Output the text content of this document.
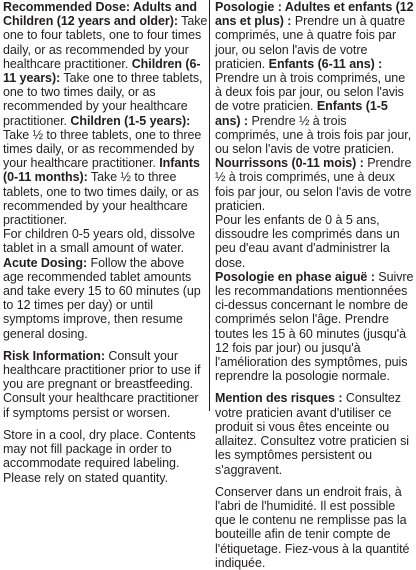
Recommended Dose: Adults and Children (12 years and older): Take one to four tablets, one to four times daily, or as recommended by your healthcare practitioner. Children (6-11 years): Take one to three tablets, one to two times daily, or as recommended by your healthcare practitioner. Children (1-5 years): Take ½ to three tablets, one to three times daily, or as recommended by your healthcare practitioner. Infants (0-11 months): Take ½ to three tablets, one to two times daily, or as recommended by your healthcare practitioner.

For children 0-5 years old, dissolve tablet in a small amount of water.

Acute Dosing: Follow the above age recommended tablet amounts and take every 15 to 60 minutes (up to 12 times per day) or until symptoms improve, then resume general dosing.

Risk Information: Consult your healthcare practitioner prior to use if you are pregnant or breastfeeding. Consult your healthcare practitioner if symptoms persist or worsen.

Store in a cool, dry place. Contents may not fill package in order to accommodate required labeling. Please rely on stated quantity.

Posologie : Adultes et enfants (12 ans et plus) : Prendre un à quatre comprimés, une à quatre fois par jour, ou selon l'avis de votre praticien. Enfants (6-11 ans) : Prendre un à trois comprimés, une à deux fois par jour, ou selon l'avis de votre praticien. Enfants (1-5 ans) : Prendre ½ à trois comprimés, une à trois fois par jour, ou selon l'avis de votre praticien. Nourrissons (0-11 mois) : Prendre ½ à trois comprimés, une à deux fois par jour, ou selon l'avis de votre praticien.

Pour les enfants de 0 à 5 ans, dissoudre les comprimés dans un peu d'eau avant d'administrer la dose.

Posologie en phase aiguë : Suivre les recommandations mentionnées ci-dessus concernant le nombre de comprimés selon l'âge. Prendre toutes les 15 à 60 minutes (jusqu'à 12 fois par jour) ou jusqu'à l'amélioration des symptômes, puis reprendre la posologie normale.

Mention des risques : Consultez votre praticien avant d'utiliser ce produit si vous êtes enceinte ou allaitez. Consultez votre praticien si les symptômes persistent ou s'aggravent.

Conserver dans un endroit frais, à l'abri de l'humidité. Il est possible que le contenu ne remplisse pas la bouteille afin de tenir compte de l'étiquetage. Fiez-vous à la quantité indiquée.
